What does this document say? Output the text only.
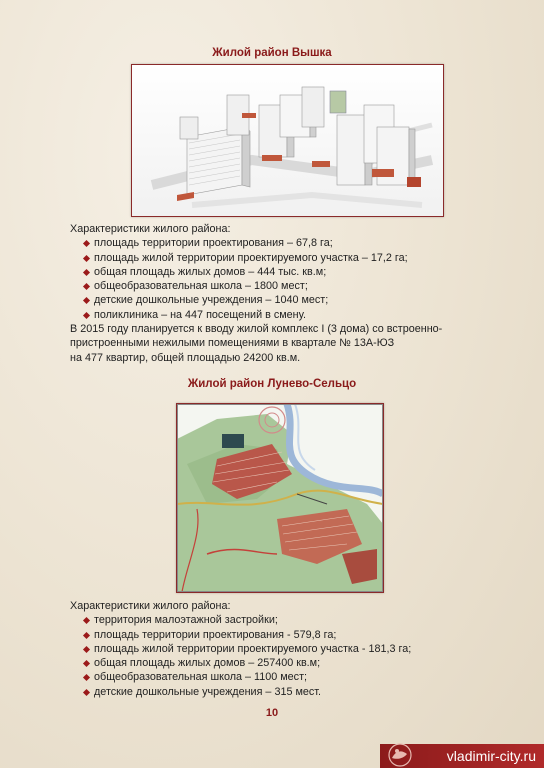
Жилой район Вышка

Характеристики жилого района:

площадь территории проектирования – 67,8 га;
площадь жилой территории проектируемого участка – 17,2 га;
общая площадь жилых домов – 444 тыс. кв.м;
общеобразовательная школа – 1800 мест;
детские дошкольные учреждения – 1040 мест;
поликлиника – на 447 посещений в смену.
В 2015 году планируется к вводу жилой комплекс I (3 дома) со встроенно-
пристроенными нежилыми помещениями в квартале № 13А-ЮЗ
на 477 квартир, общей площадью 24200 кв.м.
Жилой район Лунево-Сельцо

Характеристики жилого района:

территория малоэтажной застройки;
площадь территории проектирования - 579,8 га;
площадь жилой территории проектируемого участка - 181,3 га;
общая площадь жилых домов – 257400 кв.м;
общеобразовательная школа – 1100 мест;
детские дошкольные учреждения – 315 мест.
10
vladimir-city.ru
